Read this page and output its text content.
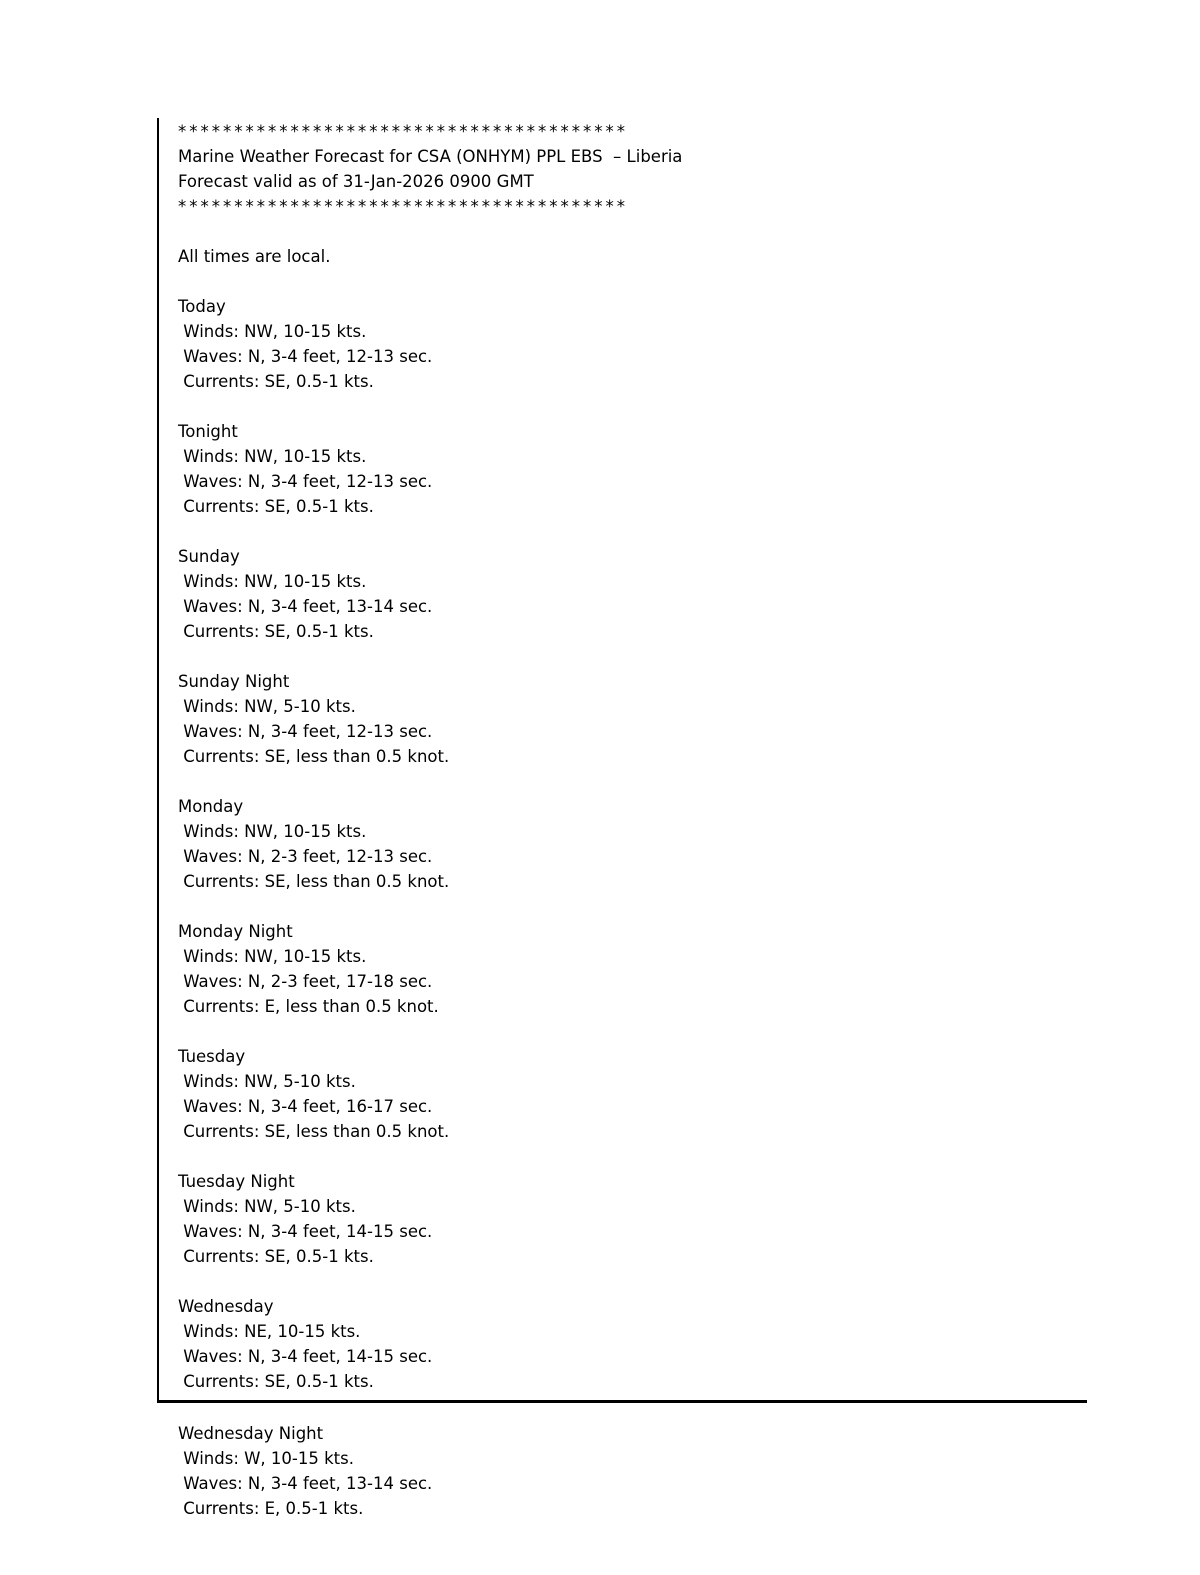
****************************************
Marine Weather Forecast for CSA (ONHYM) PPL EBS  – Liberia
Forecast valid as of 31-Jan-2026 0900 GMT
****************************************
All times are local.
Today
Winds: NW, 10-15 kts.
Waves: N, 3-4 feet, 12-13 sec.
Currents: SE, 0.5-1 kts.
Tonight
Winds: NW, 10-15 kts.
Waves: N, 3-4 feet, 12-13 sec.
Currents: SE, 0.5-1 kts.
Sunday
Winds: NW, 10-15 kts.
Waves: N, 3-4 feet, 13-14 sec.
Currents: SE, 0.5-1 kts.
Sunday Night
Winds: NW, 5-10 kts.
Waves: N, 3-4 feet, 12-13 sec.
Currents: SE, less than 0.5 knot.
Monday
Winds: NW, 10-15 kts.
Waves: N, 2-3 feet, 12-13 sec.
Currents: SE, less than 0.5 knot.
Monday Night
Winds: NW, 10-15 kts.
Waves: N, 2-3 feet, 17-18 sec.
Currents: E, less than 0.5 knot.
Tuesday
Winds: NW, 5-10 kts.
Waves: N, 3-4 feet, 16-17 sec.
Currents: SE, less than 0.5 knot.
Tuesday Night
Winds: NW, 5-10 kts.
Waves: N, 3-4 feet, 14-15 sec.
Currents: SE, 0.5-1 kts.
Wednesday
Winds: NE, 10-15 kts.
Waves: N, 3-4 feet, 14-15 sec.
Currents: SE, 0.5-1 kts.
Wednesday Night
Winds: W, 10-15 kts.
Waves: N, 3-4 feet, 13-14 sec.
Currents: E, 0.5-1 kts.
